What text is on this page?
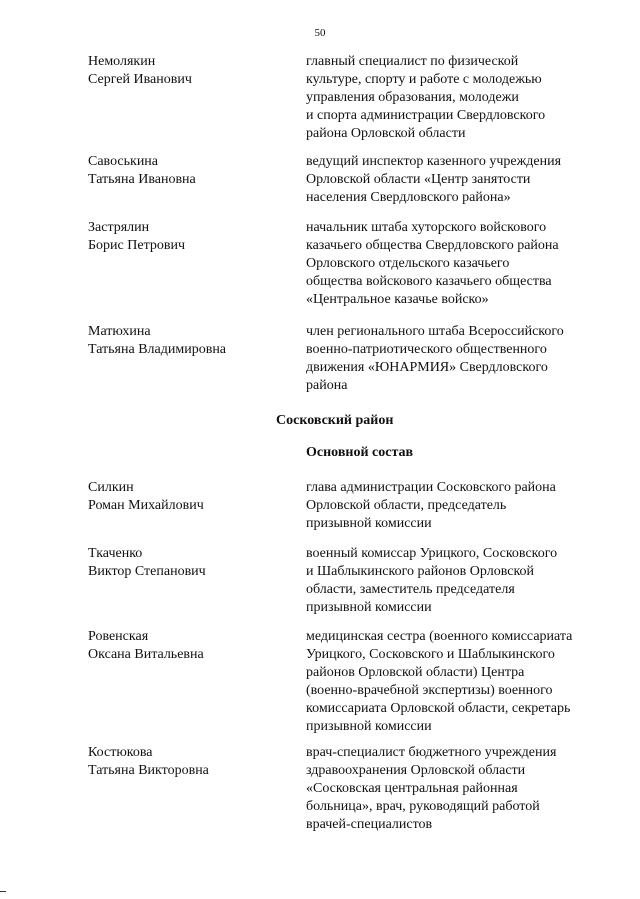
50
Немолякин
Сергей Иванович
главный специалист по физической
культуре, спорту и работе с молодежью
управления образования, молодежи
и спорта администрации Свердловского
района Орловской области
Савоськина
Татьяна Ивановна
ведущий инспектор казенного учреждения
Орловской области «Центр занятости
населения Свердловского района»
Застрялин
Борис Петрович
начальник штаба хуторского войскового
казачьего общества Свердловского района
Орловского отдельского казачьего
общества войскового казачьего общества
«Центральное казачье войско»
Матюхина
Татьяна Владимировна
член регионального штаба Всероссийского
военно-патриотического общественного
движения «ЮНАРМИЯ» Свердловского
района
Сосковский район
Основной состав
Силкин
Роман Михайлович
глава администрации Сосковского района
Орловской области, председатель
призывной комиссии
Ткаченко
Виктор Степанович
военный комиссар Урицкого, Сосковского
и Шаблыкинского районов Орловской
области, заместитель председателя
призывной комиссии
Ровенская
Оксана Витальевна
медицинская сестра (военного комиссариата
Урицкого, Сосковского и Шаблыкинского
районов Орловской области) Центра
(военно-врачебной экспертизы) военного
комиссариата Орловской области, секретарь
призывной комиссии
Костюкова
Татьяна Викторовна
врач-специалист бюджетного учреждения
здравоохранения Орловской области
«Сосковская центральная районная
больница», врач, руководящий работой
врачей-специалистов
